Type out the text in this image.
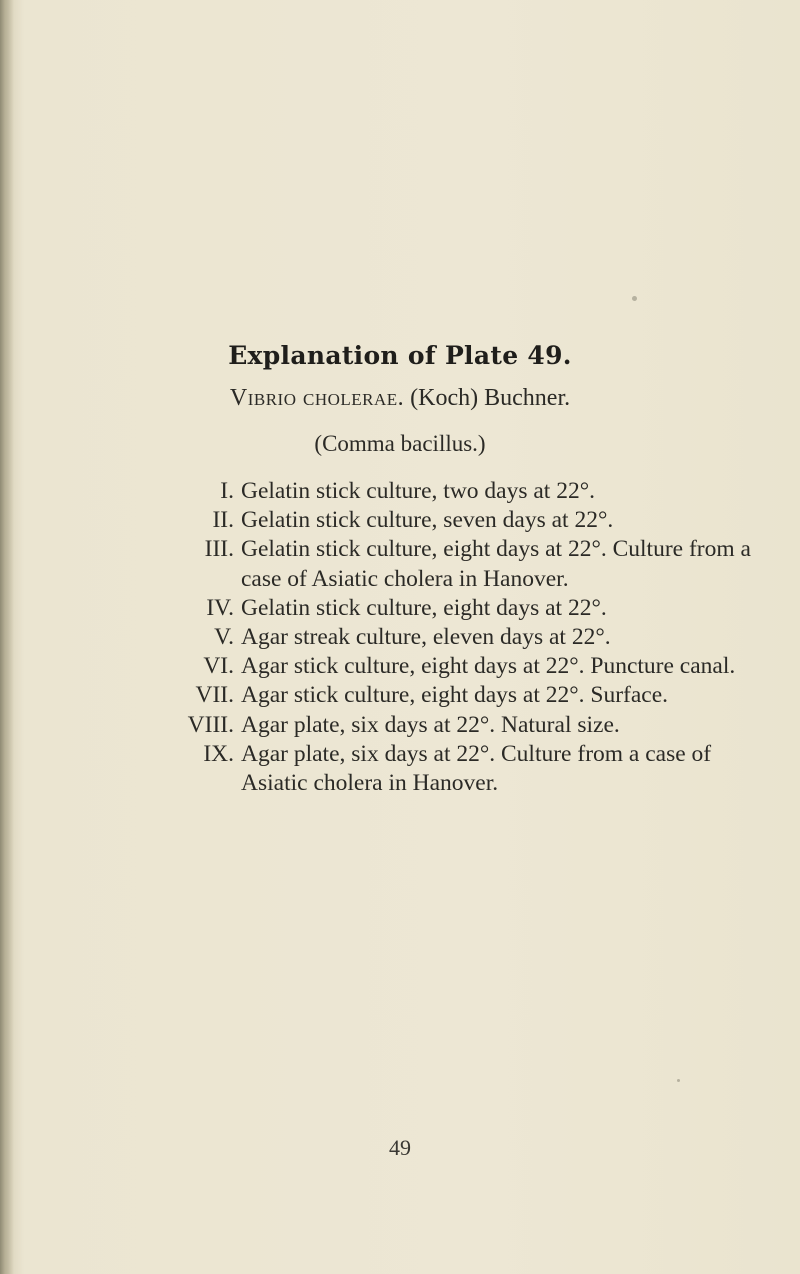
Explanation of Plate 49.
Vibrio cholerae. (Koch) Buchner.
(Comma bacillus.)
I. Gelatin stick culture, two days at 22°.
II. Gelatin stick culture, seven days at 22°.
III. Gelatin stick culture, eight days at 22°. Culture from a case of Asiatic cholera in Hanover.
IV. Gelatin stick culture, eight days at 22°.
V. Agar streak culture, eleven days at 22°.
VI. Agar stick culture, eight days at 22°. Puncture canal.
VII. Agar stick culture, eight days at 22°. Surface.
VIII. Agar plate, six days at 22°. Natural size.
IX. Agar plate, six days at 22°. Culture from a case of Asiatic cholera in Hanover.
49
